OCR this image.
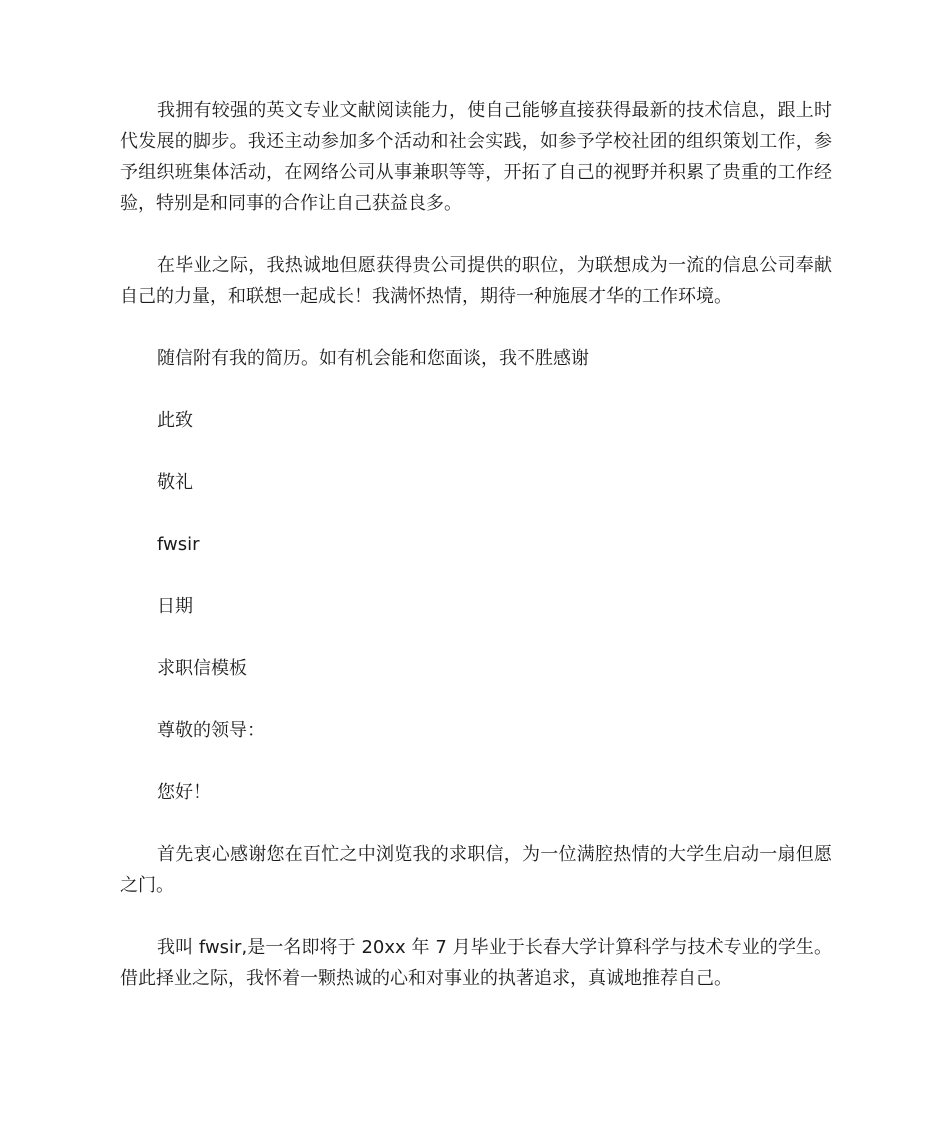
我拥有较强的英文专业文献阅读能力，使自己能够直接获得最新的技术信息，跟上时代发展的脚步。我还主动参加多个活动和社会实践，如参予学校社团的组织策划工作，参予组织班集体活动，在网络公司从事兼职等等，开拓了自己的视野并积累了贵重的工作经验，特别是和同事的合作让自己获益良多。

在毕业之际，我热诚地但愿获得贵公司提供的职位，为联想成为一流的信息公司奉献自己的力量，和联想一起成长！我满怀热情，期待一种施展才华的工作环境。

随信附有我的简历。如有机会能和您面谈，我不胜感谢

此致

敬礼

fwsir

日期

求职信模板

尊敬的领导：

您好！

首先衷心感谢您在百忙之中浏览我的求职信，为一位满腔热情的大学生启动一扇但愿之门。

我叫 fwsir,是一名即将于 20xx 年 7 月毕业于长春大学计算科学与技术专业的学生。借此择业之际，我怀着一颗热诚的心和对事业的执著追求，真诚地推荐自己。
